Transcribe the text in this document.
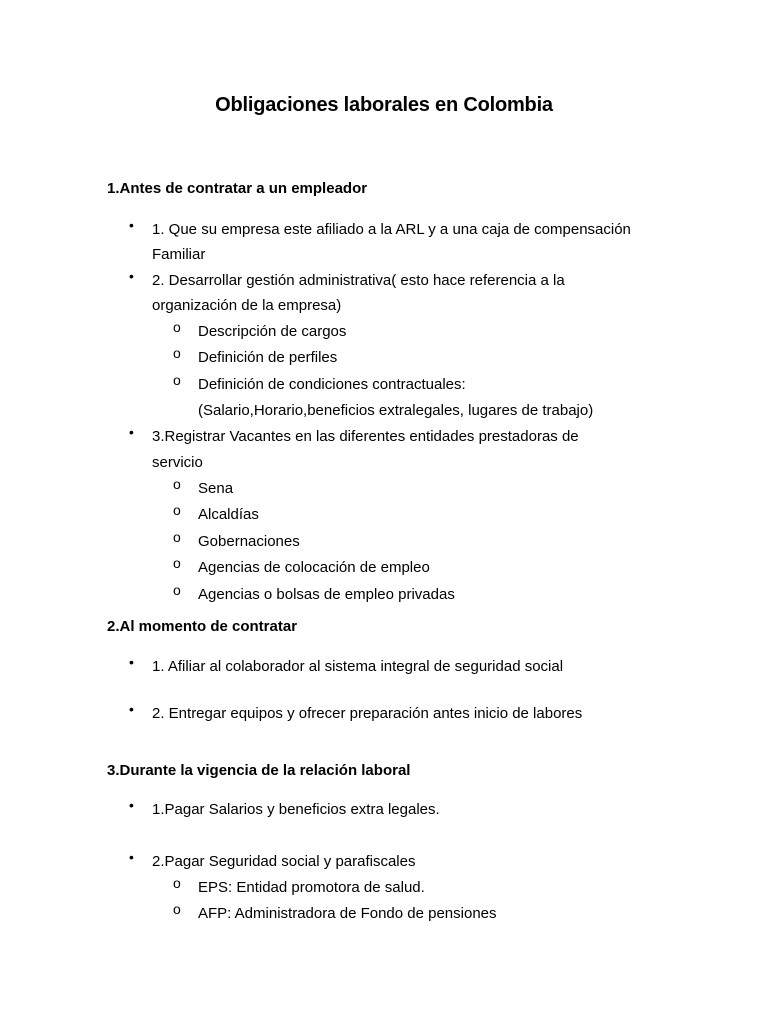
Obligaciones laborales en Colombia
1.Antes de contratar a un empleador
•	1. Que su empresa este afiliado a la ARL y a una caja de compensación
Familiar
•	2. Desarrollar gestión administrativa( esto hace referencia a la
organización de la empresa)
o Descripción de cargos
o Definición de perfiles
o Definición de condiciones contractuales:
(Salario,Horario,beneficios extralegales, lugares de trabajo)
•	3.Registrar Vacantes en las diferentes entidades prestadoras de
servicio
o Sena
o Alcaldías
o Gobernaciones
o Agencias de colocación de empleo
o Agencias o bolsas de empleo privadas
2.Al momento de contratar
•	1. Afiliar al colaborador al sistema integral de seguridad social
•	2. Entregar equipos y ofrecer preparación antes inicio de labores
3.Durante la vigencia de la relación laboral
•	1.Pagar Salarios y beneficios extra legales.
•	2.Pagar Seguridad social y parafiscales
o EPS: Entidad promotora de salud.
o AFP: Administradora de Fondo de pensiones
